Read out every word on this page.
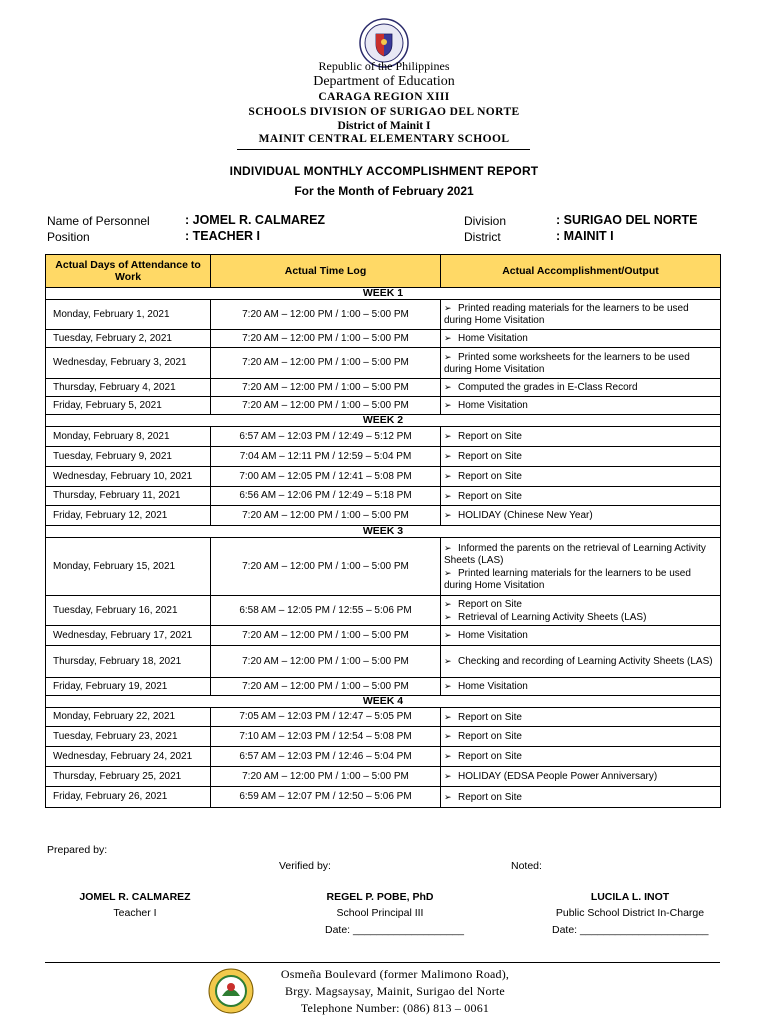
Republic of the Philippines
Department of Education
CARAGA REGION XIII
SCHOOLS DIVISION OF SURIGAO DEL NORTE
District of Mainit I
MAINIT CENTRAL ELEMENTARY SCHOOL
INDIVIDUAL MONTHLY ACCOMPLISHMENT REPORT
For the Month of February 2021
Name of Personnel	: JOMEL R. CALMAREZ
Position	: TEACHER I
Division	: SURIGAO DEL NORTE
District	: MAINIT I
Actual Days of Attendance to Work	Actual Time Log	Actual Accomplishment/Output
WEEK 1		
Monday, February 1, 2021	7:20 AM – 12:00 PM / 1:00 – 5:00 PM	➢ Printed reading materials for the learners to be used during Home Visitation

Tuesday, February 2, 2021	7:20 AM – 12:00 PM / 1:00 – 5:00 PM	➢ Home Visitation

Wednesday, February 3, 2021	7:20 AM – 12:00 PM / 1:00 – 5:00 PM	➢ Printed some worksheets for the learners to be used during Home Visitation

Thursday, February 4, 2021	7:20 AM – 12:00 PM / 1:00 – 5:00 PM	➢ Computed the grades in E-Class Record

Friday, February 5, 2021	7:20 AM – 12:00 PM / 1:00 – 5:00 PM	➢ Home Visitation

WEEK 2		
Monday, February 8, 2021	6:57 AM – 12:03 PM / 12:49 – 5:12 PM	➢ Report on Site

Tuesday, February 9, 2021	7:04 AM – 12:11 PM / 12:59 – 5:04 PM	➢ Report on Site

Wednesday, February 10, 2021	7:00 AM – 12:05 PM / 12:41 – 5:08 PM	➢ Report on Site

Thursday, February 11, 2021	6:56 AM – 12:06 PM / 12:49 – 5:18 PM	➢ Report on Site

Friday, February 12, 2021	7:20 AM – 12:00 PM / 1:00 – 5:00 PM	➢ HOLIDAY (Chinese New Year)

WEEK 3		
Monday, February 15, 2021	7:20 AM – 12:00 PM / 1:00 – 5:00 PM	➢ Informed the parents on the retrieval of Learning Activity Sheets (LAS)
➢ Printed learning materials for the learners to be used during Home Visitation

Tuesday, February 16, 2021	6:58 AM – 12:05 PM / 12:55 – 5:06 PM	➢ Report on Site
➢ Retrieval of Learning Activity Sheets (LAS)

Wednesday, February 17, 2021	7:20 AM – 12:00 PM / 1:00 – 5:00 PM	➢ Home Visitation

Thursday, February 18, 2021	7:20 AM – 12:00 PM / 1:00 – 5:00 PM	➢ Checking and recording of Learning Activity Sheets (LAS)

Friday, February 19, 2021	7:20 AM – 12:00 PM / 1:00 – 5:00 PM	➢ Home Visitation

WEEK 4		
Monday, February 22, 2021	7:05 AM – 12:03 PM / 12:47 – 5:05 PM	➢ Report on Site

Tuesday, February 23, 2021	7:10 AM – 12:03 PM / 12:54 – 5:08 PM	➢ Report on Site

Wednesday, February 24, 2021	6:57 AM – 12:03 PM / 12:46 – 5:04 PM	➢ Report on Site

Thursday, February 25, 2021	7:20 AM – 12:00 PM / 1:00 – 5:00 PM	➢ HOLIDAY (EDSA People Power Anniversary)

Friday, February 26, 2021	6:59 AM – 12:07 PM / 12:50 – 5:06 PM	➢ Report on Site
Prepared by:
Verified by:	Noted:
JOMEL R. CALMAREZ
Teacher I
REGEL P. POBE, PhD
School Principal III
Date: ___________________
LUCILA L. INOT
Public School District In-Charge
Date: ______________________
Osmeña Boulevard (former Malimono Road),
Brgy. Magsaysay, Mainit, Surigao del Norte
Telephone Number: (086) 813 – 0061
